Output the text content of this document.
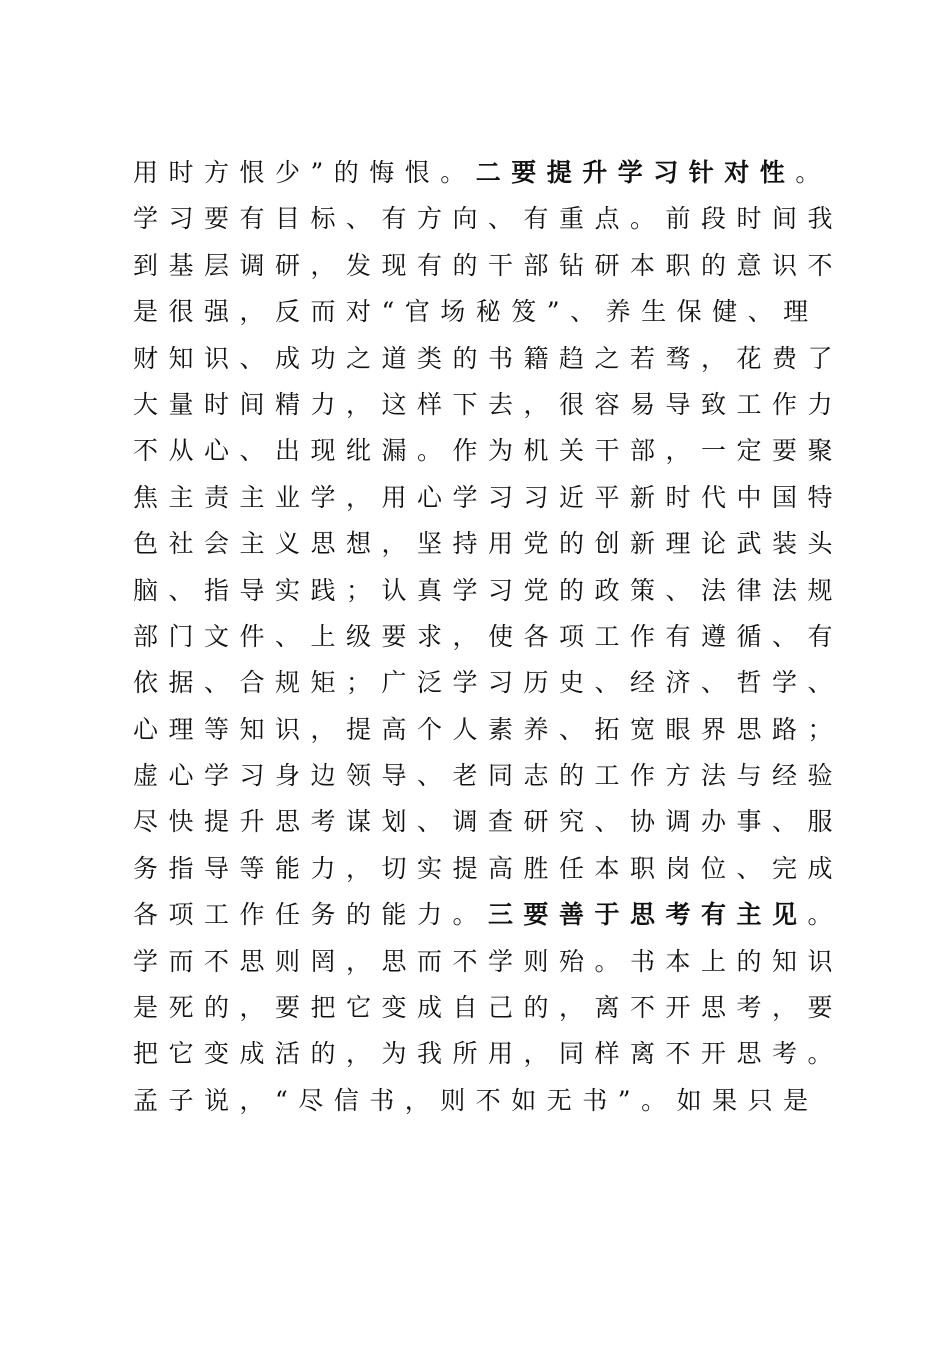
用时方恨少”的悔恨。二要提升学习针对性。
学习要有目标、有方向、有重点。前段时间我
到基层调研，发现有的干部钻研本职的意识不
是很强，反而对“官场秘笈”、养生保健、理
财知识、成功之道类的书籍趋之若骛，花费了
大量时间精力，这样下去，很容易导致工作力
不从心、出现纰漏。作为机关干部，一定要聚
焦主责主业学，用心学习习近平新时代中国特
色社会主义思想，坚持用党的创新理论武装头
脑、指导实践；认真学习党的政策、法律法规
部门文件、上级要求，使各项工作有遵循、有
依据、合规矩；广泛学习历史、经济、哲学、
心理等知识，提高个人素养、拓宽眼界思路；
虚心学习身边领导、老同志的工作方法与经验
尽快提升思考谋划、调查研究、协调办事、服
务指导等能力，切实提高胜任本职岗位、完成
各项工作任务的能力。三要善于思考有主见。
学而不思则罔，思而不学则殆。书本上的知识
是死的，要把它变成自己的，离不开思考，要
把它变成活的，为我所用，同样离不开思考。
孟子说，“尽信书，则不如无书”。如果只是
